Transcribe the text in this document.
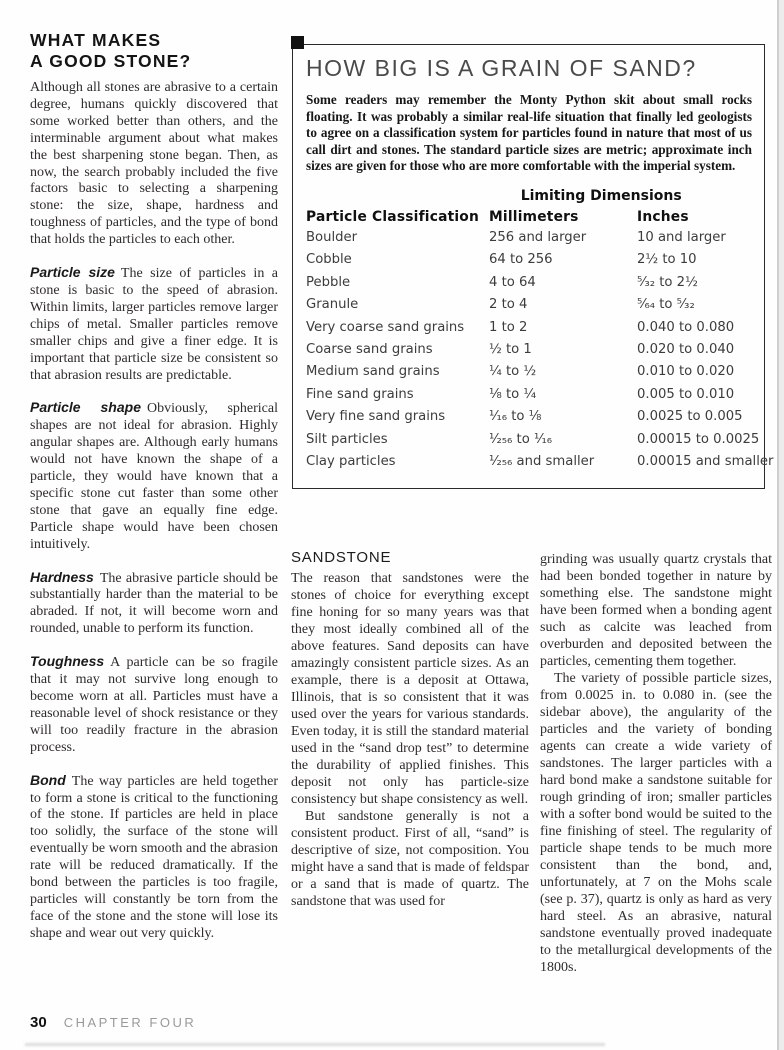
WHAT MAKES
A GOOD STONE?

Although all stones are abrasive to a certain degree, humans quickly discovered that some worked better than others, and the interminable argument about what makes the best sharpening stone began. Then, as now, the search probably included the five factors basic to selecting a sharpening stone: the size, shape, hardness and toughness of particles, and the type of bond that holds the particles to each other.

Particle size The size of particles in a stone is basic to the speed of abrasion. Within limits, larger particles remove larger chips of metal. Smaller particles remove smaller chips and give a finer edge. It is important that particle size be consistent so that abrasion results are predictable.

Particle shape Obviously, spherical shapes are not ideal for abrasion. Highly angular shapes are. Although early humans would not have known the shape of a particle, they would have known that a specific stone cut faster than some other stone that gave an equally fine edge. Particle shape would have been chosen intuitively.

Hardness The abrasive particle should be substantially harder than the material to be abraded. If not, it will become worn and rounded, unable to perform its function.

Toughness A particle can be so fragile that it may not survive long enough to become worn at all. Particles must have a reasonable level of shock resistance or they will too readily fracture in the abrasion process.

Bond The way particles are held together to form a stone is critical to the functioning of the stone. If particles are held in place too solidly, the surface of the stone will eventually be worn smooth and the abrasion rate will be reduced dramatically. If the bond between the particles is too fragile, particles will constantly be torn from the face of the stone and the stone will lose its shape and wear out very quickly.

HOW BIG IS A GRAIN OF SAND?

Some readers may remember the Monty Python skit about small rocks floating. It was probably a similar real-life situation that finally led geologists to agree on a classification system for particles found in nature that most of us call dirt and stones. The standard particle sizes are metric; approximate inch sizes are given for those who are more comfortable with the imperial system.

Limiting Dimensions
Particle Classification Millimeters	Inches
Boulder	256 and larger	10 and larger
Cobble	64 to 256	2½ to 10
Pebble	4 to 64	⁵⁄₃₂ to 2½
Granule	2 to 4	⁵⁄₆₄ to ⁵⁄₃₂
Very coarse sand grains	1 to 2	0.040 to 0.080
Coarse sand grains	½ to 1	0.020 to 0.040
Medium sand grains	¼ to ½	0.010 to 0.020
Fine sand grains	⅛ to ¼	0.005 to 0.010
Very fine sand grains	¹⁄₁₆ to ⅛	0.0025 to 0.005
Silt particles	¹⁄₂₅₆ to ¹⁄₁₆	0.00015 to 0.0025
Clay particles	¹⁄₂₅₆ and smaller	0.00015 and smaller
SANDSTONE

The reason that sandstones were the stones of choice for everything except fine honing for so many years was that they most ideally combined all of the above features. Sand deposits can have amazingly consistent particle sizes. As an example, there is a deposit at Ottawa, Illinois, that is so consistent that it was used over the years for various standards. Even today, it is still the standard material used in the “sand drop test” to determine the durability of applied finishes. This deposit not only has particle-size consistency but shape consistency as well.

But sandstone generally is not a consistent product. First of all, “sand” is descriptive of size, not composition. You might have a sand that is made of feldspar or a sand that is made of quartz. The sandstone that was used for

grinding was usually quartz crystals that had been bonded together in nature by something else. The sandstone might have been formed when a bonding agent such as calcite was leached from overburden and deposited between the particles, cementing them together.

The variety of possible particle sizes, from 0.0025 in. to 0.080 in. (see the sidebar above), the angularity of the particles and the variety of bonding agents can create a wide variety of sandstones. The larger particles with a hard bond make a sandstone suitable for rough grinding of iron; smaller particles with a softer bond would be suited to the fine finishing of steel. The regularity of particle shape tends to be much more consistent than the bond, and, unfortunately, at 7 on the Mohs scale (see p. 37), quartz is only as hard as very hard steel. As an abrasive, natural sandstone eventually proved inadequate to the metallurgical developments of the 1800s.

30 CHAPTER FOUR
